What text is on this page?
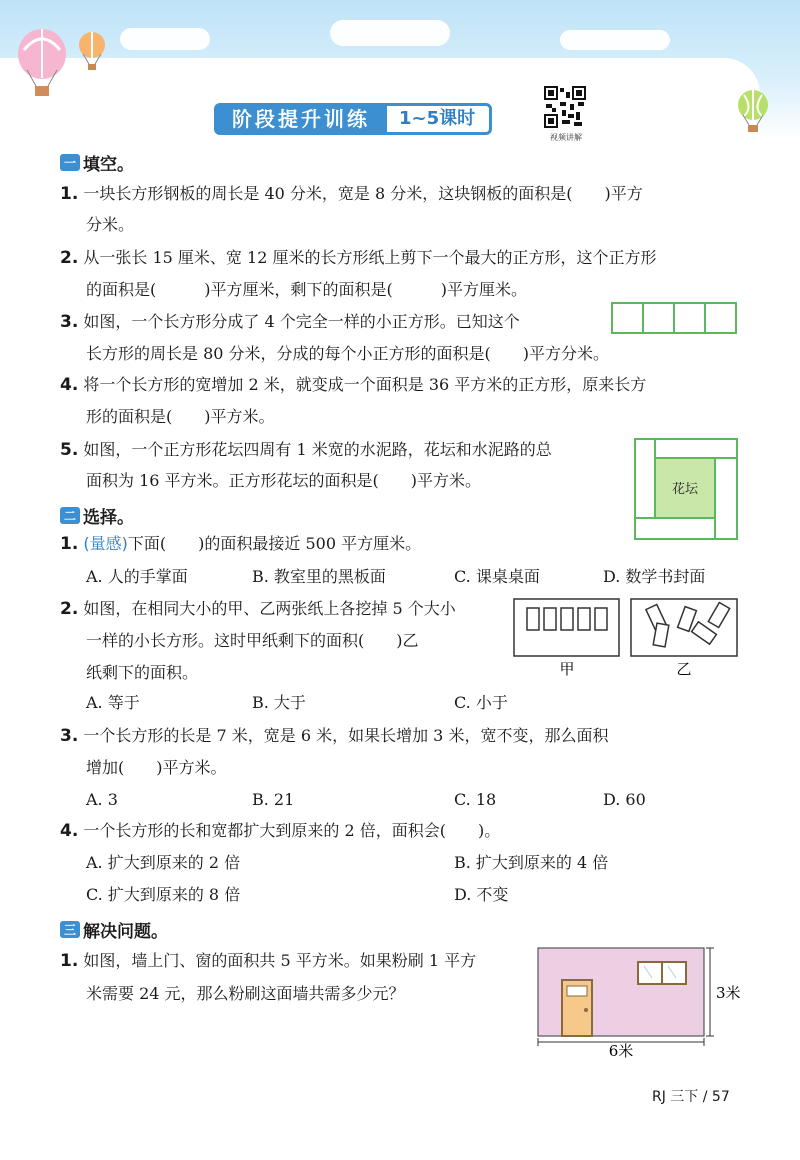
阶段提升训练	1~5课时
视频讲解
一 填空。
1. 一块长方形钢板的周长是 40 分米，宽是 8 分米，这块钢板的面积是(　　)平方
分米。
2. 从一张长 15 厘米、宽 12 厘米的长方形纸上剪下一个最大的正方形，这个正方形
的面积是(　　　)平方厘米，剩下的面积是(　　　)平方厘米。
3. 如图，一个长方形分成了 4 个完全一样的小正方形。已知这个
长方形的周长是 80 分米，分成的每个小正方形的面积是(　　)平方分米。
4. 将一个长方形的宽增加 2 米，就变成一个面积是 36 平方米的正方形，原来长方
形的面积是(　　)平方米。
5. 如图，一个正方形花坛四周有 1 米宽的水泥路，花坛和水泥路的总
面积为 16 平方米。正方形花坛的面积是(　　)平方米。	花坛
二 选择。
1. (量感)下面(　　)的面积最接近 500 平方厘米。
A. 人的手掌面	B. 教室里的黑板面	C. 课桌桌面	D. 数学书封面
2. 如图，在相同大小的甲、乙两张纸上各挖掉 5 个大小
一样的小长方形。这时甲纸剩下的面积(　　)乙
纸剩下的面积。	甲	乙
A. 等于	B. 大于	C. 小于
3. 一个长方形的长是 7 米，宽是 6 米，如果长增加 3 米，宽不变，那么面积
增加(　　)平方米。
A. 3	B. 21	C. 18	D. 60
4. 一个长方形的长和宽都扩大到原来的 2 倍，面积会(　　)。
A. 扩大到原来的 2 倍	B. 扩大到原来的 4 倍
C. 扩大到原来的 8 倍	D. 不变
三 解决问题。
1. 如图，墙上门、窗的面积共 5 平方米。如果粉刷 1 平方
米需要 24 元，那么粉刷这面墙共需多少元？	3米
6米
RJ 三下 / 57
